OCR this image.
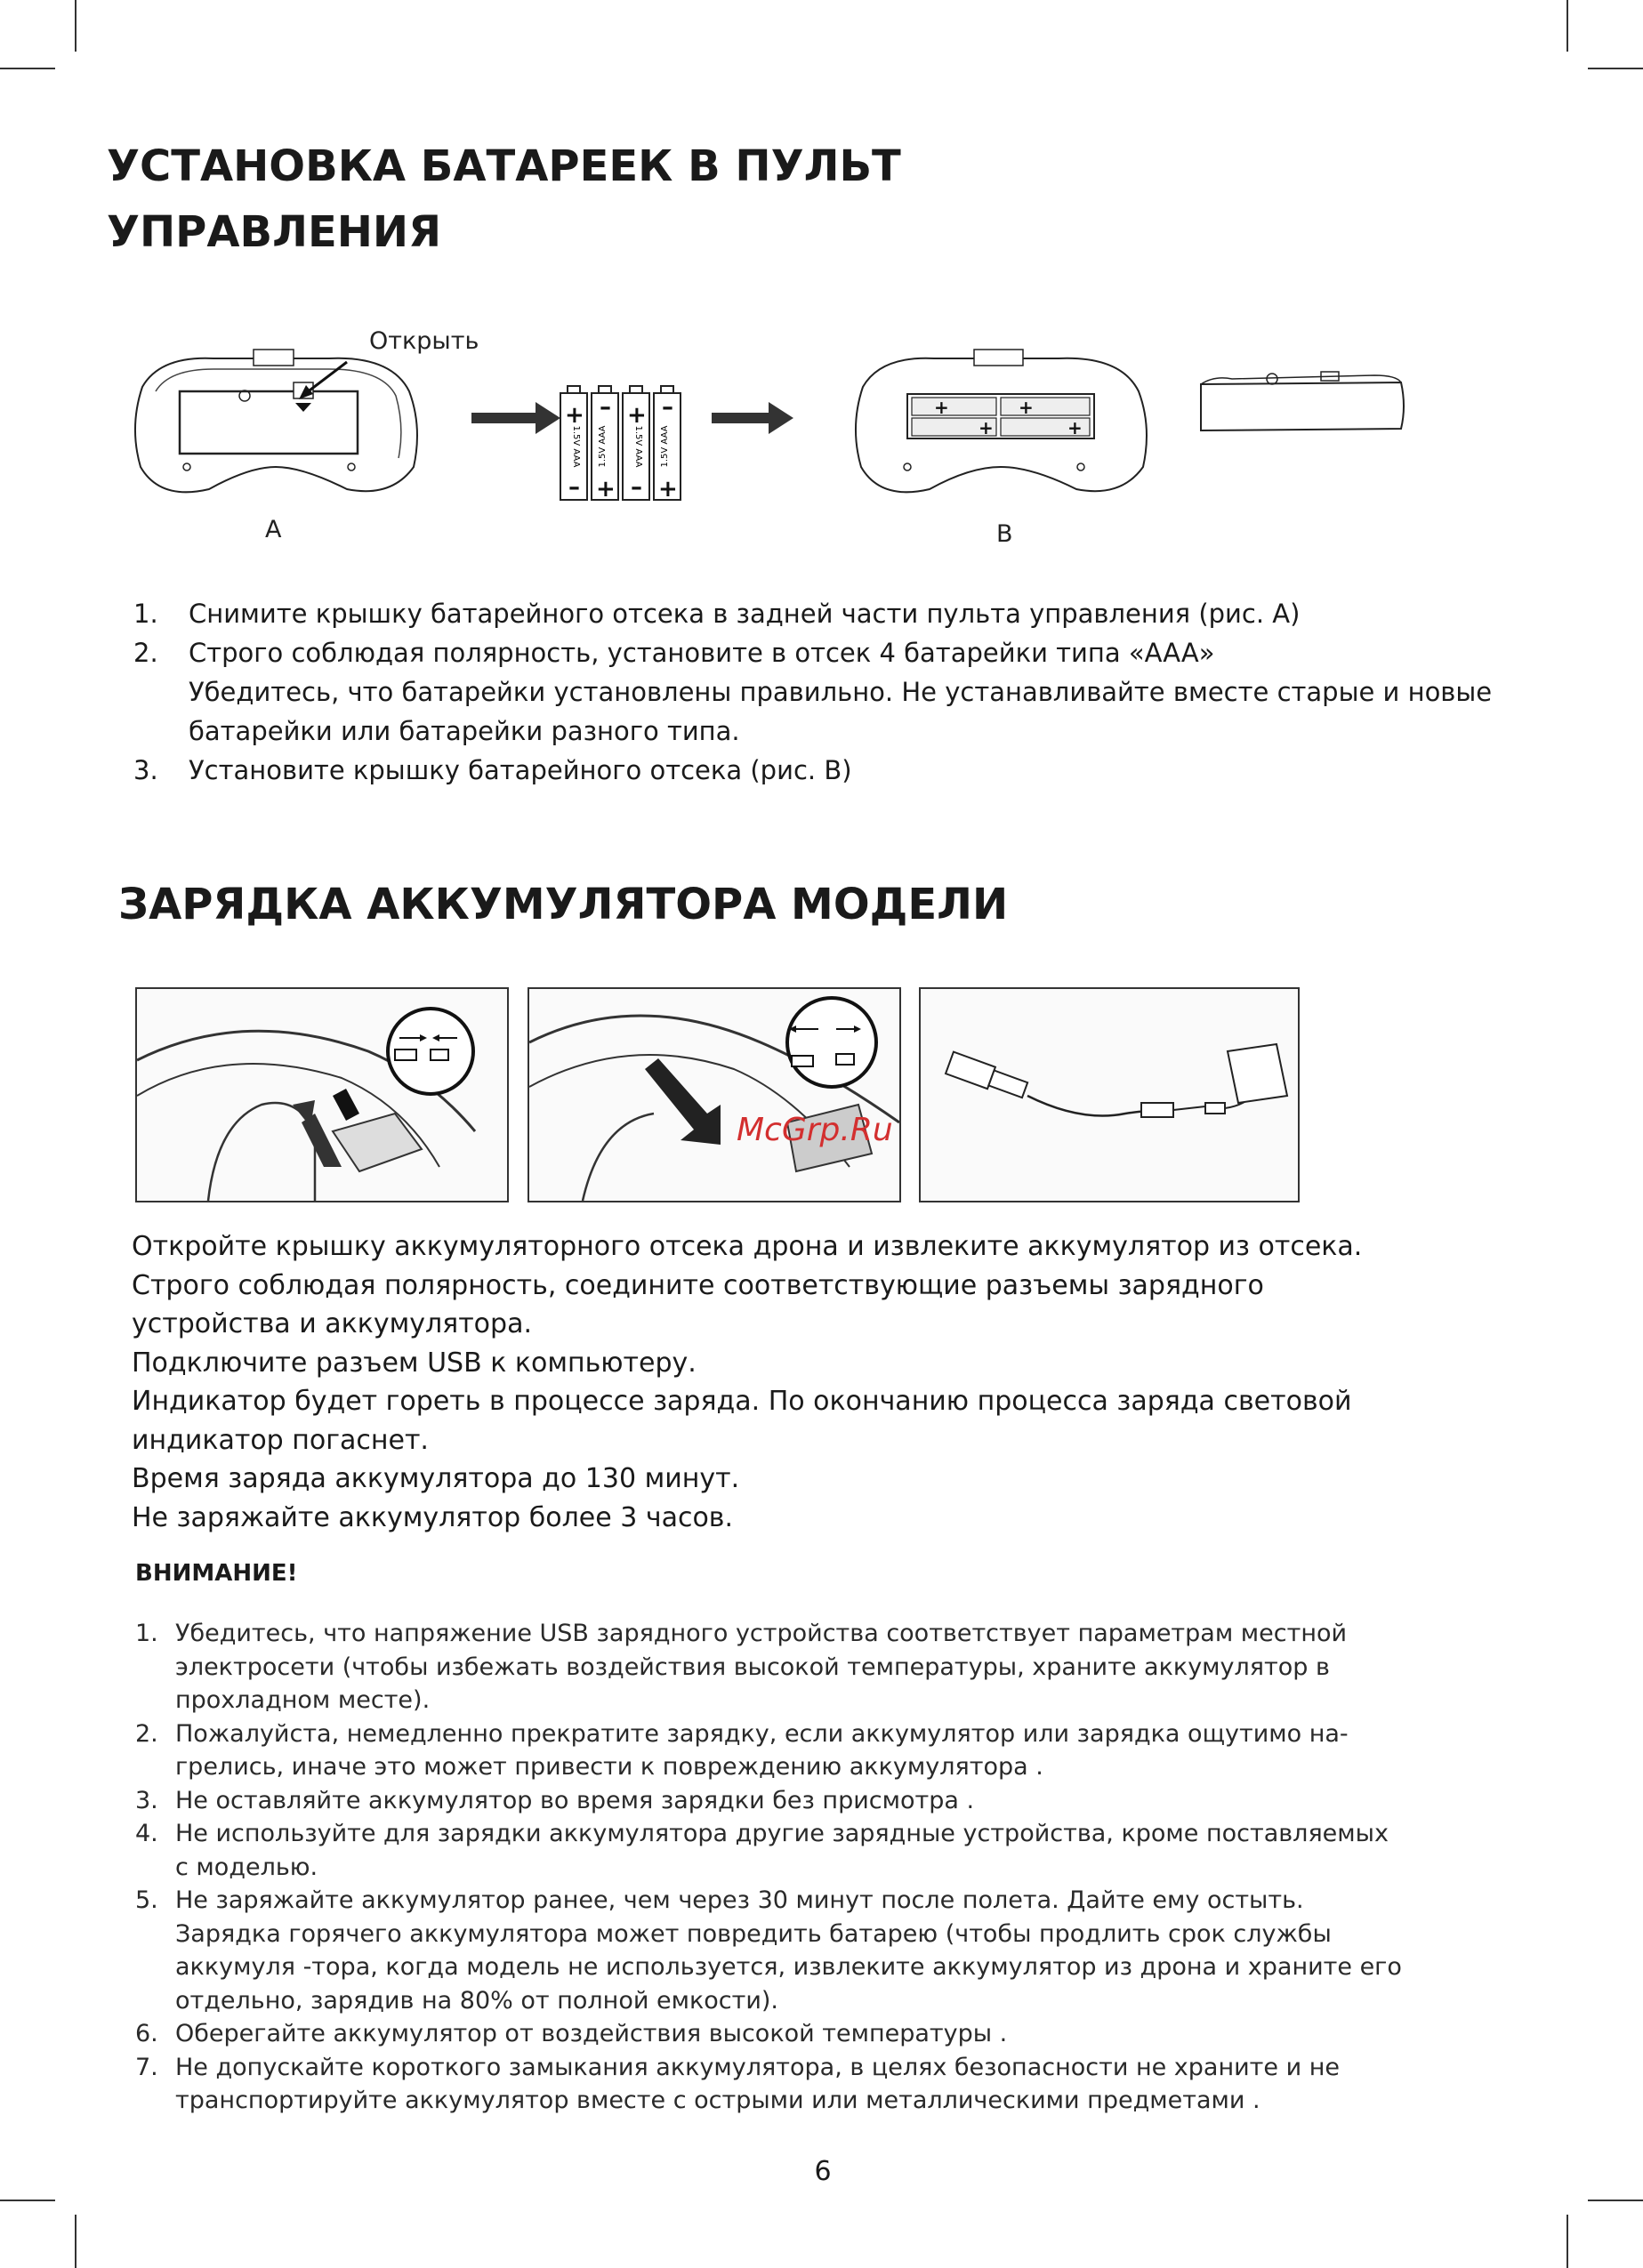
УСТАНОВКА БАТАРЕЕК В ПУЛЬТ УПРАВЛЕНИЯ
Открыть
A
+
+
+
+
–
–
–
–
1.5V AAA 1.5V AAA	1.5V AAA 1.5V AAA
+	+
+	+
B
1.	Снимите крышку батарейного отсека в задней части пульта управления (рис. A)
2.	Строго соблюдая полярность, установите в отсек 4 батарейки типа «AAA»
Убедитесь, что батарейки установлены правильно. Не устанавливайте вместе старые и новые батарейки или батарейки разного типа.
3.	Установите крышку батарейного отсека (рис. B)
ЗАРЯДКА АККУМУЛЯТОРА МОДЕЛИ
McGrp.Ru
Откройте крышку аккумуляторного отсека дрона и извлеките аккумулятор из отсека.
Строго соблюдая полярность, соедините соответствующие разъемы зарядного
устройства и аккумулятора.
Подключите разъем USB к компьютеру.
Индикатор будет гореть в процессе заряда. По окончанию процесса заряда световой
индикатор погаснет.
Время заряда аккумулятора до 130 минут.
Не заряжайте аккумулятор более 3 часов.
ВНИМАНИЕ!
1. Убедитесь, что напряжение USB зарядного устройства соответствует параметрам местной электросети (чтобы избежать воздействия высокой температуры, храните аккумулятор в прохладном месте).
2. Пожалуйста, немедленно прекратите зарядку, если аккумулятор или зарядка ощутимо на-грелись, иначе это может привести к повреждению аккумулятора .
3. Не оставляйте аккумулятор во время зарядки без присмотра .
4. Не используйте для зарядки аккумулятора другие зарядные устройства, кроме поставляемых с моделью.
5. Не заряжайте аккумулятор ранее, чем через 30 минут после полета. Дайте ему остыть. Зарядка горячего аккумулятора может повредить батарею (чтобы продлить срок службы аккумуля -тора, когда модель не используется, извлеките аккумулятор из дрона и храните его отдельно, зарядив на 80% от полной емкости).
6. Оберегайте аккумулятор от воздействия высокой температуры .
7. Не допускайте короткого замыкания аккумулятора, в целях безопасности не храните и не транспортируйте аккумулятор вместе с острыми или металлическими предметами .
6
